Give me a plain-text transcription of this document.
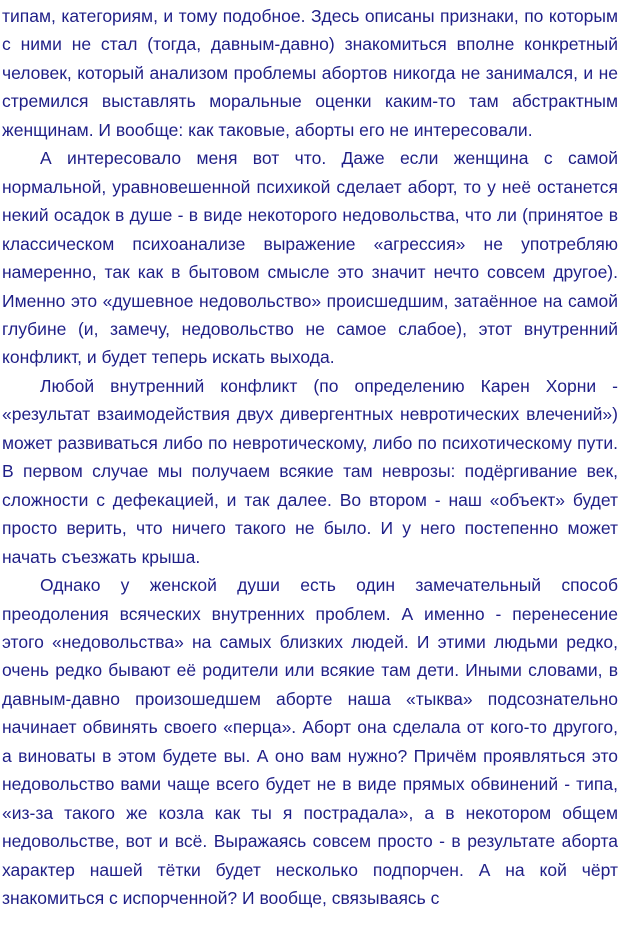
типам, категориям, и тому подобное. Здесь описаны признаки, по которым с ними не стал (тогда, давным-давно) знакомиться вполне конкретный человек, который анализом проблемы абортов никогда не занимался, и не стремился выставлять моральные оценки каким-то там абстрактным женщинам. И вообще: как таковые, аборты его не интересовали.

А интересовало меня вот что. Даже если женщина с самой нормальной, уравновешенной психикой сделает аборт, то у неё останется некий осадок в душе - в виде некоторого недовольства, что ли (принятое в классическом психоанализе выражение «агрессия» не употребляю намеренно, так как в бытовом смысле это значит нечто совсем другое). Именно это «душевное недовольство» происшедшим, затаённое на самой глубине (и, замечу, недовольство не самое слабое), этот внутренний конфликт, и будет теперь искать выхода.

Любой внутренний конфликт (по определению Карен Хорни - «результат взаимодействия двух дивергентных невротических влечений») может развиваться либо по невротическому, либо по психотическому пути. В первом случае мы получаем всякие там неврозы: подёргивание век, сложности с дефекацией, и так далее. Во втором - наш «объект» будет просто верить, что ничего такого не было. И у него постепенно может начать съезжать крыша.

Однако у женской души есть один замечательный способ преодоления всяческих внутренних проблем. А именно - перенесение этого «недовольства» на самых близких людей. И этими людьми редко, очень редко бывают её родители или всякие там дети. Иными словами, в давным-давно произошедшем аборте наша «тыква» подсознательно начинает обвинять своего «перца». Аборт она сделала от кого-то другого, а виноваты в этом будете вы. А оно вам нужно? Причём проявляться это недовольство вами чаще всего будет не в виде прямых обвинений - типа, «из-за такого же козла как ты я пострадала», а в некотором общем недовольстве, вот и всё. Выражаясь совсем просто - в результате аборта характер нашей тётки будет несколько подпорчен. А на кой чёрт знакомиться с испорченной? И вообще, связываясь с
